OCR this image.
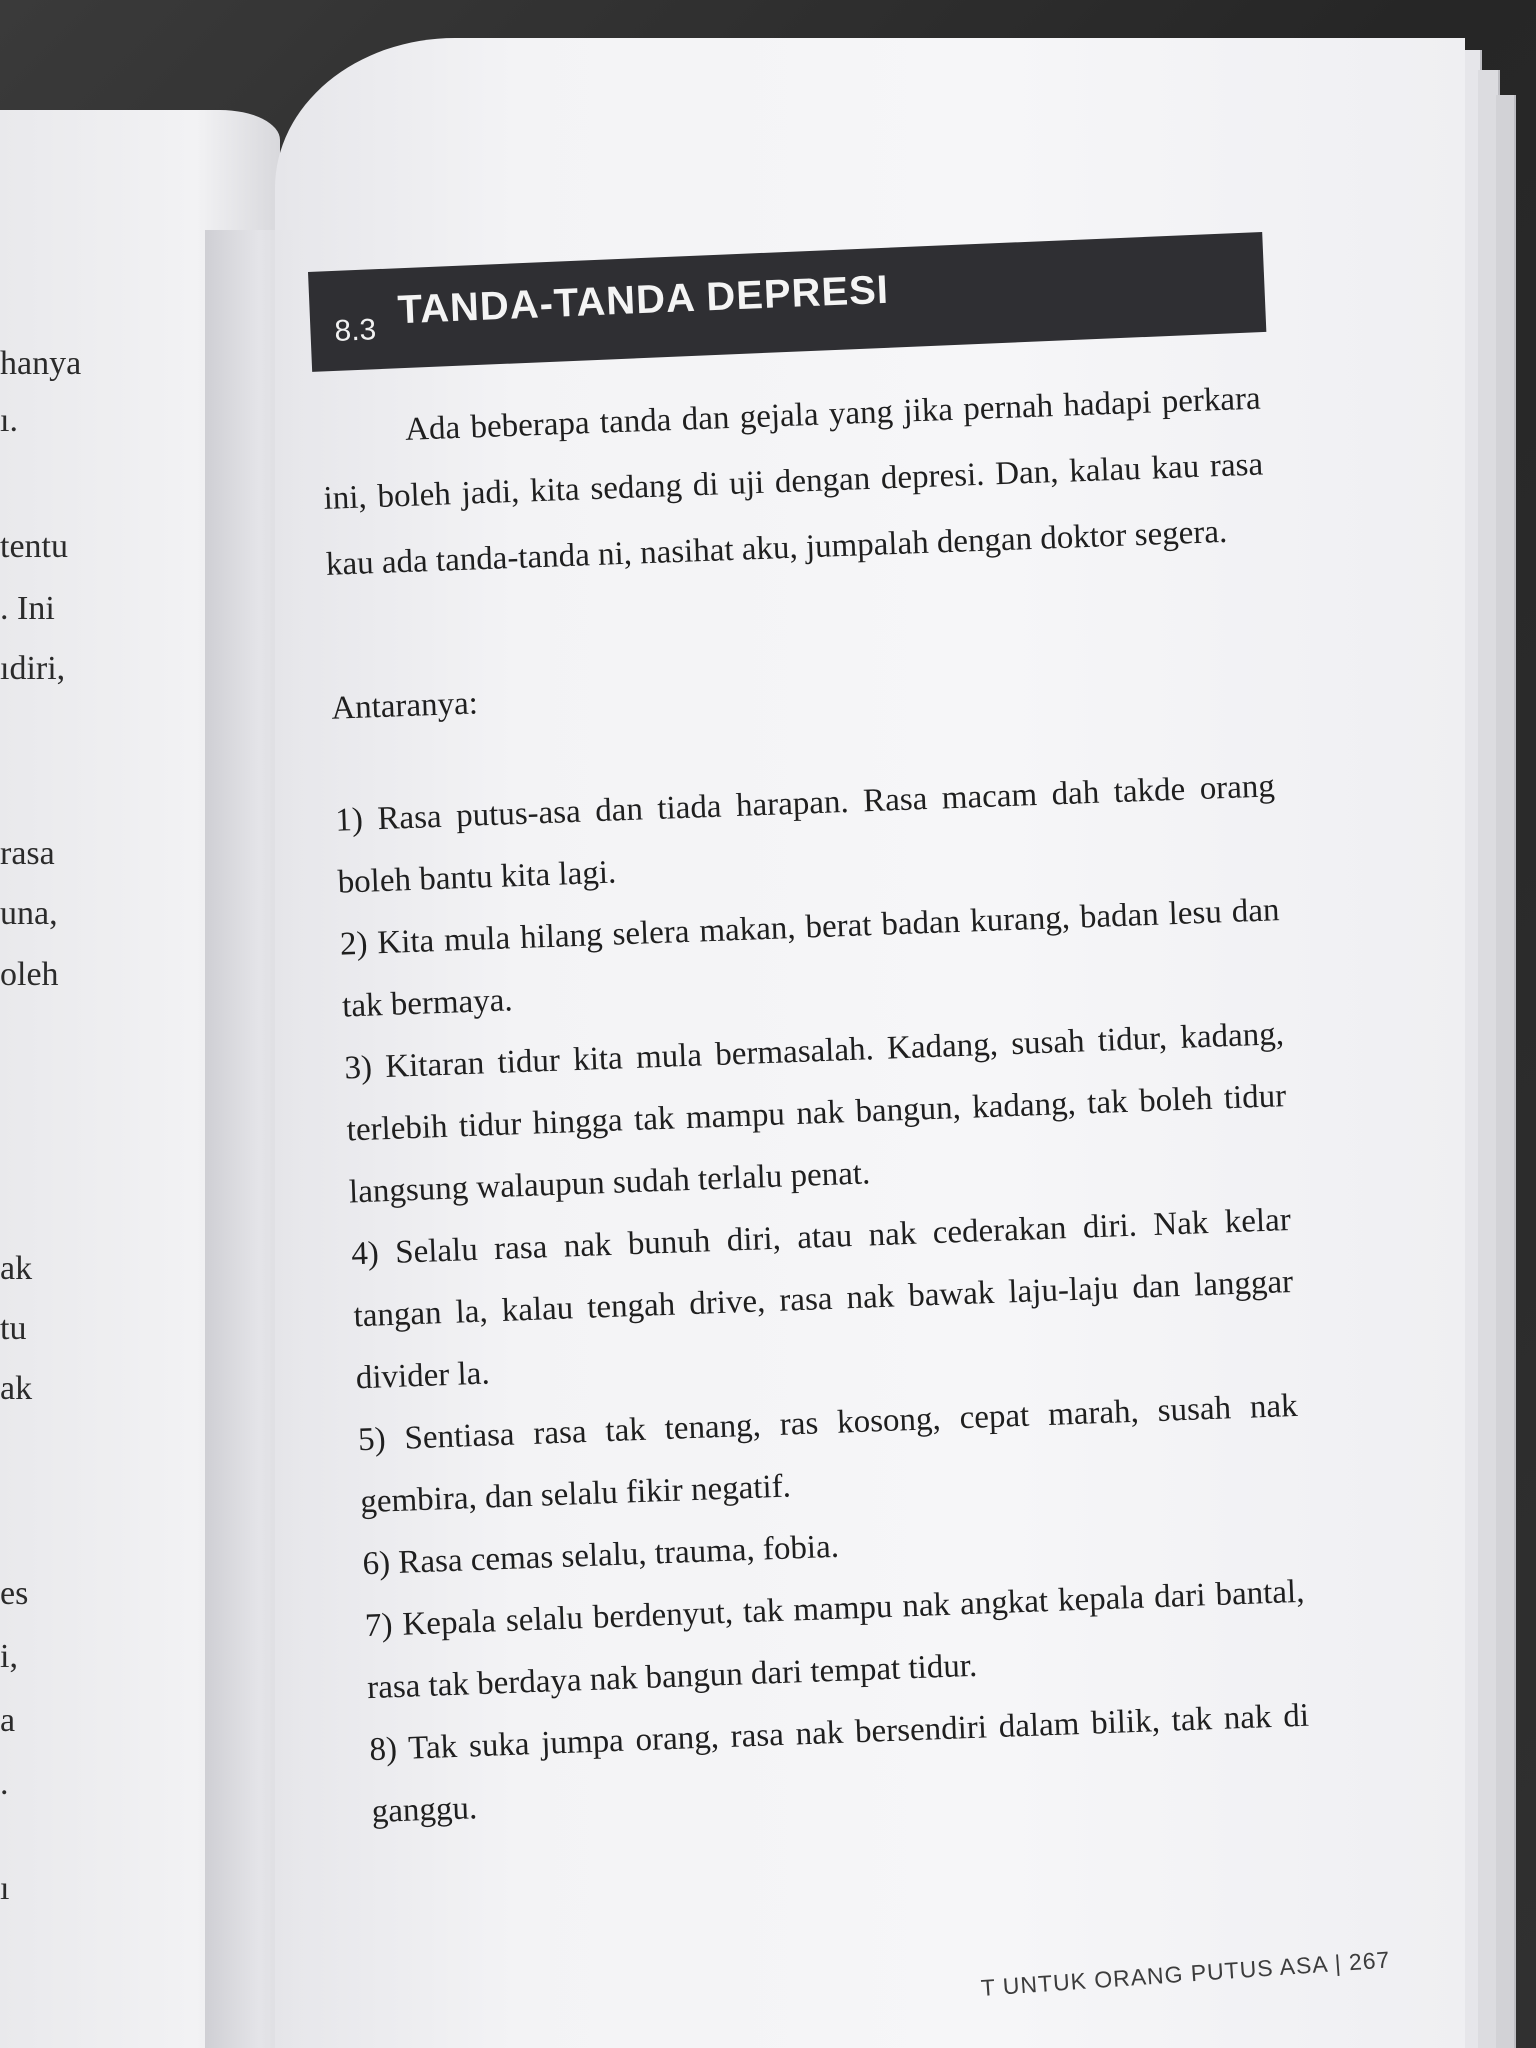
hanya
ı.
tentu
. Ini
ıdiri,
rasa
una,
oleh
ak
tu
ak
es
i,
a
.
ı
8.3 TANDA-TANDA DEPRESI

Ada beberapa tanda dan gejala yang jika pernah hadapi perkara ini, boleh jadi, kita sedang di uji dengan depresi. Dan, kalau kau rasa kau ada tanda-tanda ni, nasihat aku, jumpalah dengan doktor segera.

Antaranya:

1) Rasa putus-asa dan tiada harapan. Rasa macam dah takde orang boleh bantu kita lagi.

2) Kita mula hilang selera makan, berat badan kurang, badan lesu dan tak bermaya.

3) Kitaran tidur kita mula bermasalah. Kadang, susah tidur, kadang, terlebih tidur hingga tak mampu nak bangun, kadang, tak boleh tidur langsung walaupun sudah terlalu penat.

4) Selalu rasa nak bunuh diri, atau nak cederakan diri. Nak kelar tangan la, kalau tengah drive, rasa nak bawak laju-laju dan langgar divider la.

5) Sentiasa rasa tak tenang, ras kosong, cepat marah, susah nak gembira, dan selalu fikir negatif.

6) Rasa cemas selalu, trauma, fobia.

7) Kepala selalu berdenyut, tak mampu nak angkat kepala dari bantal, rasa tak berdaya nak bangun dari tempat tidur.

8) Tak suka jumpa orang, rasa nak bersendiri dalam bilik, tak nak di ganggu.

T UNTUK ORANG PUTUS ASA | 267
